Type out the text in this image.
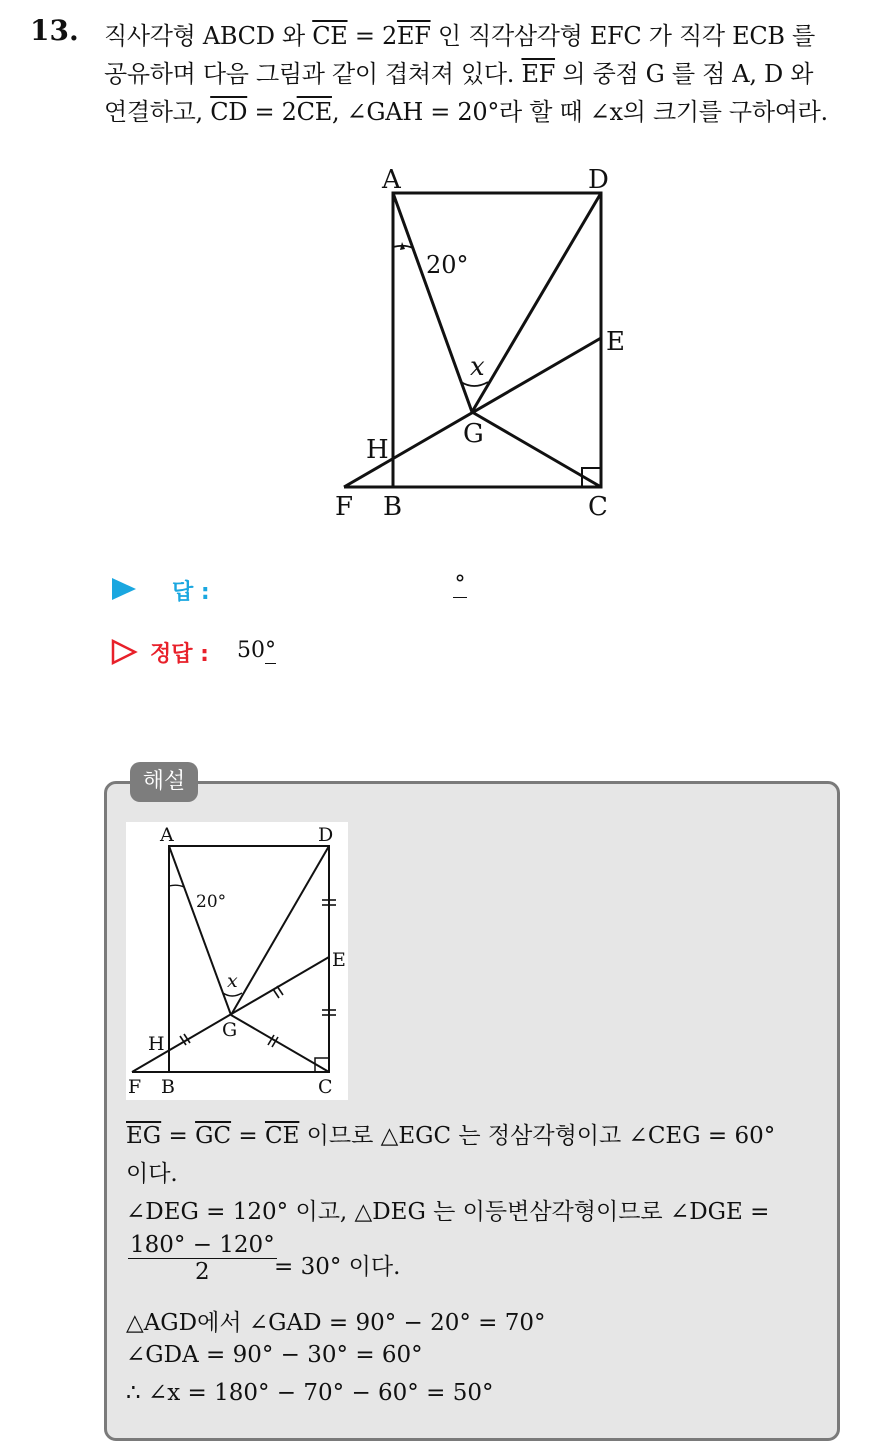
13. 직사각형 ABCD 와 $\overline{CE} = 2\overline{EF}$ 인 직각삼각형 EFC 가 직각 ECB 를
공유하며 다음 그림과 같이 겹쳐져 있다. $\overline{EF}$ 의 중점 G 를 점 A, D 와
연결하고, $\overline{CD} = 2\overline{CE}$, ∠GAH = 20°라 할 때 ∠x의 크기를 구하여라.
A	D
E
H
G
F B	C
20°
x
답 :	°
정답 : 50°
해설
A	D
E
H
G
F B	C
20°
x
$\overline{EG} = \overline{GC} = \overline{CE}$ 이므로 △EGC 는 정삼각형이고 ∠CEG = 60°
이다.
∠DEG = 120° 이고, △DEG 는 이등변삼각형이므로 ∠DGE =
$\frac{180^\circ - 120^\circ}{2}$
= 30° 이다.
△AGD에서 ∠GAD = 90° − 20° = 70°
∠GDA = 90° − 30° = 60°
∴ ∠x = 180° − 70° − 60° = 50°
